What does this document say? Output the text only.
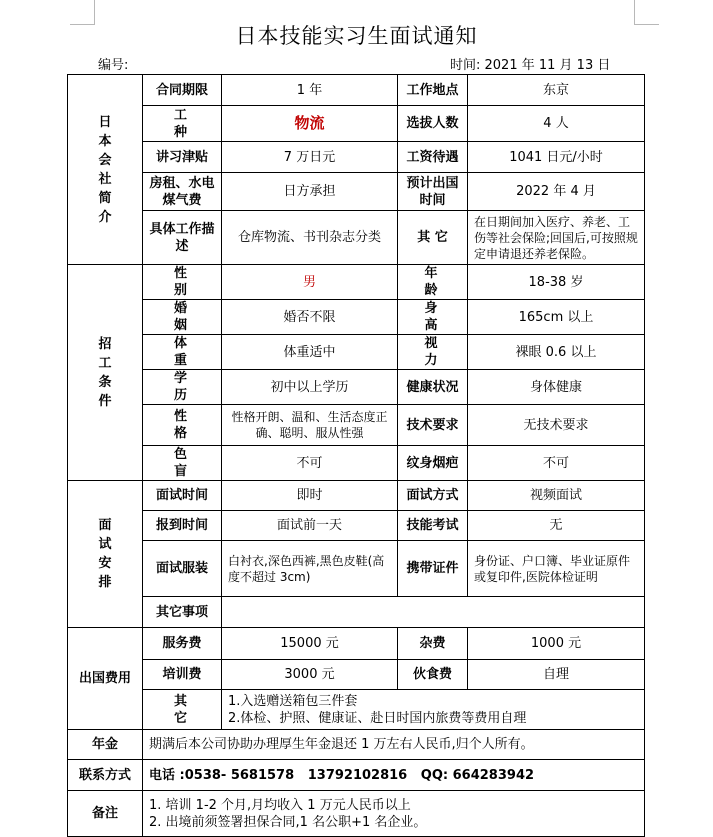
日本技能实习生面试通知
编号:	时间: 2021 年 11 月 13 日
日本会社简介	合同期限	1 年	工作地点	东京
	工 种	物流	选拔人数	4 人
	讲习津贴	7 万日元	工资待遇	1041 日元/小时
	房租、水电煤气费	日方承担	预计出国时间	2022 年 4 月
	具体工作描述	仓库物流、书刊杂志分类	其 它	在日期间加入医疗、养老、工伤等社会保险;回国后,可按照规定申请退还养老保险。
招工条件	性 别	男	年 龄	18-38 岁
	婚 姻	婚否不限	身 高	165cm 以上
	体 重	体重适中	视 力	裸眼 0.6 以上
	学 历	初中以上学历	健康状况	身体健康
	性 格	性格开朗、温和、生活态度正确、聪明、服从性强	技术要求	无技术要求
	色 盲	不可	纹身烟疤	不可
面试安排	面试时间	即时	面试方式	视频面试
	报到时间	面试前一天	技能考试	无
	面试服装	白衬衣,深色西裤,黑色皮鞋(高度不超过 3cm)	携带证件	身份证、户口簿、毕业证原件或复印件,医院体检证明
	其它事项			
出国费用	服务费	15000 元	杂费	1000 元
	培训费	3000 元	伙食费	自理
	其 它	1.入选赠送箱包三件套
2.体检、护照、健康证、赴日时国内旅费等费用自理		

年金	期满后本公司协助办理厚生年金退还 1 万左右人民币,归个人所有。			
联系方式	电话 :0538- 5681578   13792102816   QQ: 664283942			
备注	1. 培训 1-2 个月,月均收入 1 万元人民币以上
2. 出境前须签署担保合同,1 名公职+1 名企业。			
